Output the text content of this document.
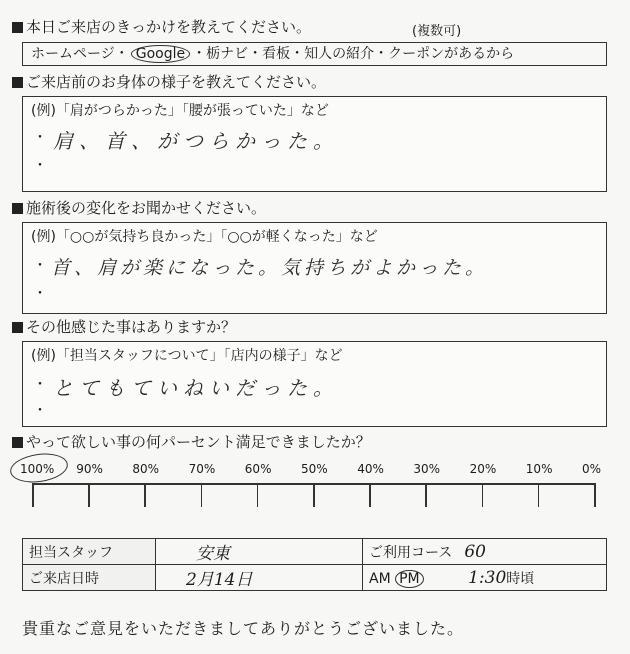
本日ご来店のきっかけを教えてください。	(複数可)
ホームページ・ Google ・栃ナビ・看板・知人の紹介・クーポンがあるから
ご来店前のお身体の様子を教えてください。
(例)「肩がつらかった」「腰が張っていた」など
・ 肩、首、がつらかった。
・
施術後の変化をお聞かせください。
(例)「○○が気持ち良かった」「○○が軽くなった」など
・ 首、肩が楽になった。気持ちがよかった。
・
その他感じた事はありますか？
(例)「担当スタッフについて」「店内の様子」など
・ とてもていねいだった。
・
やって欲しい事の何パーセント満足できましたか？
100% 90% 80% 70% 60% 50% 40% 30% 20% 10% 0%
担当スタッフ	安東	ご利用コース	60
ご来店日時	2月14日	AM PM 1:30時頃	
貴重なご意見をいただきましてありがとうございました。
